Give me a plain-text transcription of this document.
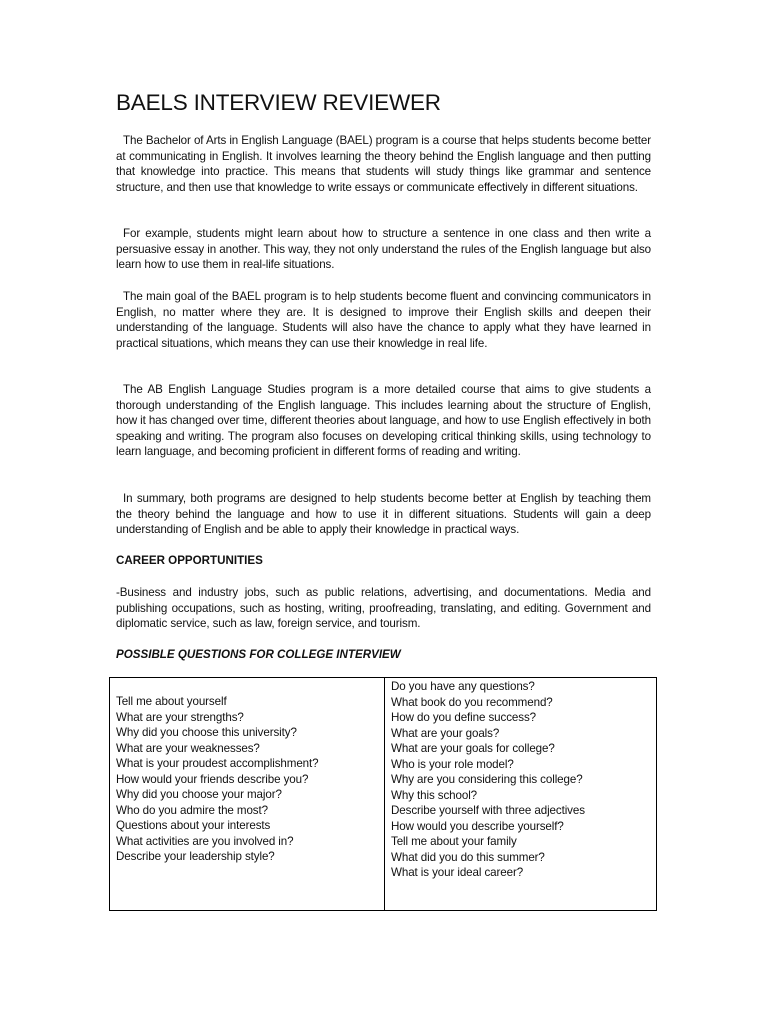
BAELS INTERVIEW REVIEWER

The Bachelor of Arts in English Language (BAEL) program is a course that helps students become better at communicating in English. It involves learning the theory behind the English language and then putting that knowledge into practice. This means that students will study things like grammar and sentence structure, and then use that knowledge to write essays or communicate effectively in different situations.

For example, students might learn about how to structure a sentence in one class and then write a persuasive essay in another. This way, they not only understand the rules of the English language but also learn how to use them in real-life situations.

The main goal of the BAEL program is to help students become fluent and convincing communicators in English, no matter where they are. It is designed to improve their English skills and deepen their understanding of the language. Students will also have the chance to apply what they have learned in practical situations, which means they can use their knowledge in real life.

The AB English Language Studies program is a more detailed course that aims to give students a thorough understanding of the English language. This includes learning about the structure of English, how it has changed over time, different theories about language, and how to use English effectively in both speaking and writing. The program also focuses on developing critical thinking skills, using technology to learn language, and becoming proficient in different forms of reading and writing.

In summary, both programs are designed to help students become better at English by teaching them the theory behind the language and how to use it in different situations. Students will gain a deep understanding of English and be able to apply their knowledge in practical ways.

CAREER OPPORTUNITIES

-Business and industry jobs, such as public relations, advertising, and documentations. Media and publishing occupations, such as hosting, writing, proofreading, translating, and editing. Government and diplomatic service, such as law, foreign service, and tourism.

POSSIBLE QUESTIONS FOR COLLEGE INTERVIEW
Tell me about yourself
What are your strengths?
Why did you choose this university?
What are your weaknesses?
What is your proudest accomplishment?
How would your friends describe you?
Why did you choose your major?
Who do you admire the most?
Questions about your interests
What activities are you involved in?
Describe your leadership style?
Do you have any questions?
What book do you recommend?
How do you define success?
What are your goals?
What are your goals for college?
Who is your role model?
Why are you considering this college?
Why this school?
Describe yourself with three adjectives
How would you describe yourself?
Tell me about your family
What did you do this summer?
What is your ideal career?
